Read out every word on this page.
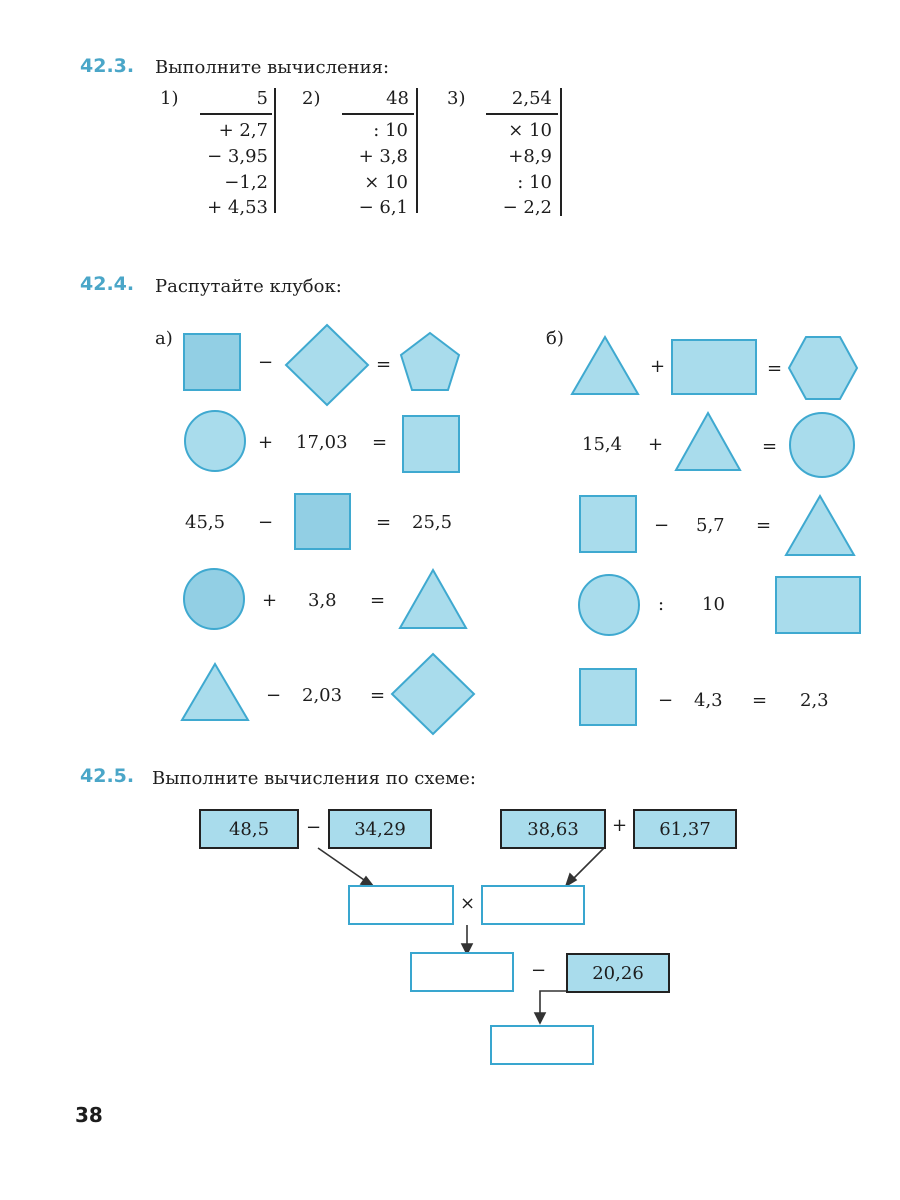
42.3. Выполните вычисления:
1)	5
+ 2,7
− 3,95
−1,2
+ 4,53
2)	48
: 10
+ 3,8
× 10
− 6,1
3)	2,54
× 10
+8,9
: 10
− 2,2
42.4. Распутайте клубок:
а)
−	=
+ 17,03 =
45,5 −	= 25,5
+ 3,8 =
− 2,03 =
б)
+	=
15,4 +	=
− 5,7 =
: 10
− 4,3 = 2,3
42.5. Выполните вычисления по схеме:
48,5	−	34,29	38,63	+	61,37
×
−	20,26
38
